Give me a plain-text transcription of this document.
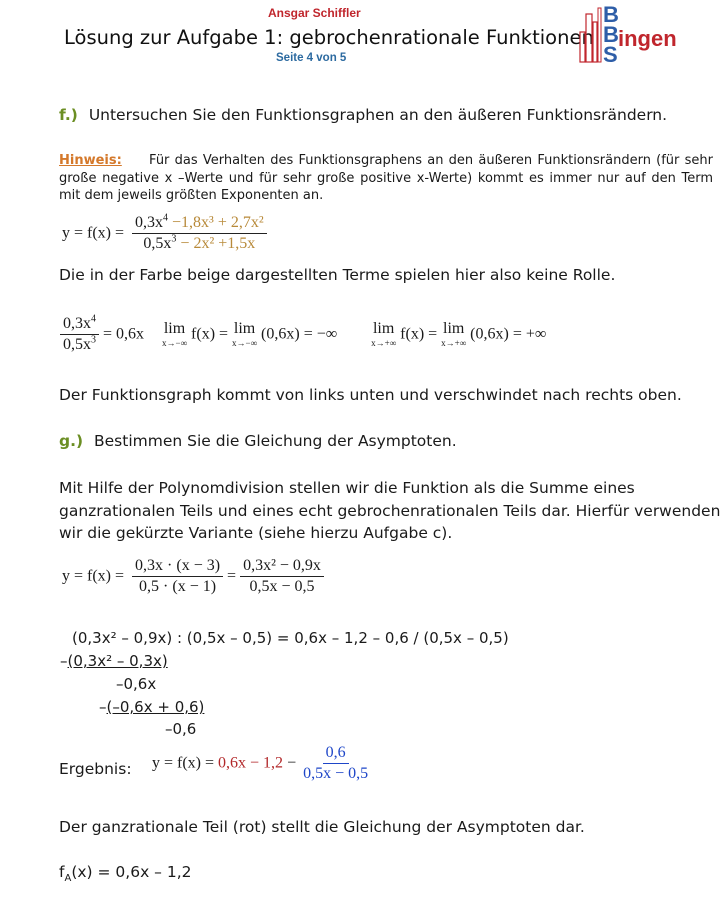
Ansgar Schiffler
Lösung zur Aufgabe 1: gebrochenrationale Funktionen
Seite 4 von 5
B
B ingen
S
f.) Untersuchen Sie den Funktionsgraphen an den äußeren Funktionsrändern.
Hinweis: Für das Verhalten des Funktionsgraphens an den äußeren Funktionsrändern (für sehr große negative x –Werte und für sehr große positive x-Werte) kommt es immer nur auf den Term mit dem jeweils größten Exponenten an.
$y = f(x) = \frac{0,3x^4 -1,8x^3 + 2,7x^2}{0,5x^3 - 2x^2 +1,5x}$
Die in der Farbe beige dargestellten Terme spielen hier also keine Rolle.
$\frac{0,3x^4}{0,5x^3} = 0,6x$ lim
x→−∞
f(x) = lim
x→−∞
(0,6x) = −∞ lim
x→+∞
f(x) = lim
x→+∞
(0,6x) = +∞
Der Funktionsgraph kommt von links unten und verschwindet nach rechts oben.
g.) Bestimmen Sie die Gleichung der Asymptoten.
Mit Hilfe der Polynomdivision stellen wir die Funktion als die Summe eines
ganzrationalen Teils und eines echt gebrochenrationalen Teils dar. Hierfür verwenden
wir die gekürzte Variante (siehe hierzu Aufgabe c).
$y = f(x) = \frac{0,3x \cdot (x - 3)}{0,5 \cdot (x - 1)} = \frac{\text{0,3x² − 0,9x}}{0,5x - 0,5}$
(0,3x² – 0,9x) : (0,5x – 0,5) = 0,6x – 1,2 – 0,6 / (0,5x – 0,5)
–(0,3x² – 0,3x)
–0,6x
–(–0,6x + 0,6)
–0,6
Ergebnis: $y = f(x) = 0,6x - 1,2 - \frac{0,6}{0,5x - 0,5}$
Der ganzrationale Teil (rot) stellt die Gleichung der Asymptoten dar.
$f_A(x) = 0,6x - 1,2$
